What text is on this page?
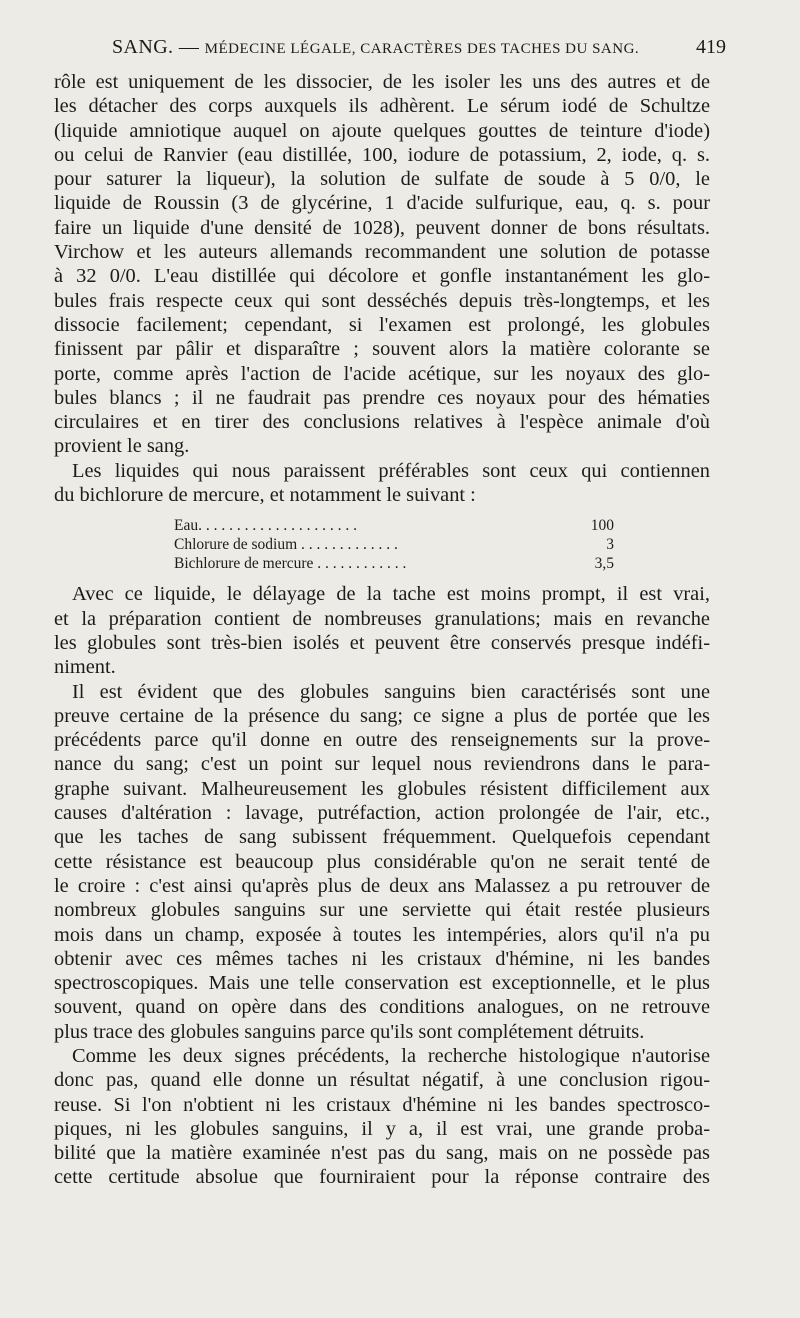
SANG. — MÉDECINE LÉGALE, CARACTÈRES DES TACHES DU SANG.	419
rôle est uniquement de les dissocier, de les isoler les uns des autres et de
les détacher des corps auxquels ils adhèrent. Le sérum iodé de Schultze
(liquide amniotique auquel on ajoute quelques gouttes de teinture d'iode)
ou celui de Ranvier (eau distillée, 100, iodure de potassium, 2, iode, q. s.
pour saturer la liqueur), la solution de sulfate de soude à 5 0/0, le
liquide de Roussin (3 de glycérine, 1 d'acide sulfurique, eau, q. s. pour
faire un liquide d'une densité de 1028), peuvent donner de bons résultats.
Virchow et les auteurs allemands recommandent une solution de potasse
à 32 0/0. L'eau distillée qui décolore et gonfle instantanément les glo-
bules frais respecte ceux qui sont desséchés depuis très-longtemps, et les
dissocie facilement; cependant, si l'examen est prolongé, les globules
finissent par pâlir et disparaître ; souvent alors la matière colorante se
porte, comme après l'action de l'acide acétique, sur les noyaux des glo-
bules blancs ; il ne faudrait pas prendre ces noyaux pour des hématies
circulaires et en tirer des conclusions relatives à l'espèce animale d'où
provient le sang.
Les liquides qui nous paraissent préférables sont ceux qui contiennen
du bichlorure de mercure, et notamment le suivant :
Eau. . . . . . . . . . . . . . . . . . . . .	100
Chlorure de sodium . . . . . . . . . . . . .	3
Bichlorure de mercure . . . . . . . . . . . .	3,5
Avec ce liquide, le délayage de la tache est moins prompt, il est vrai,
et la préparation contient de nombreuses granulations; mais en revanche
les globules sont très-bien isolés et peuvent être conservés presque indéfi-
niment.
Il est évident que des globules sanguins bien caractérisés sont une
preuve certaine de la présence du sang; ce signe a plus de portée que les
précédents parce qu'il donne en outre des renseignements sur la prove-
nance du sang; c'est un point sur lequel nous reviendrons dans le para-
graphe suivant. Malheureusement les globules résistent difficilement aux
causes d'altération : lavage, putréfaction, action prolongée de l'air, etc.,
que les taches de sang subissent fréquemment. Quelquefois cependant
cette résistance est beaucoup plus considérable qu'on ne serait tenté de
le croire : c'est ainsi qu'après plus de deux ans Malassez a pu retrouver de
nombreux globules sanguins sur une serviette qui était restée plusieurs
mois dans un champ, exposée à toutes les intempéries, alors qu'il n'a pu
obtenir avec ces mêmes taches ni les cristaux d'hémine, ni les bandes
spectroscopiques. Mais une telle conservation est exceptionnelle, et le plus
souvent, quand on opère dans des conditions analogues, on ne retrouve
plus trace des globules sanguins parce qu'ils sont complétement détruits.
Comme les deux signes précédents, la recherche histologique n'autorise
donc pas, quand elle donne un résultat négatif, à une conclusion rigou-
reuse. Si l'on n'obtient ni les cristaux d'hémine ni les bandes spectrosco-
piques, ni les globules sanguins, il y a, il est vrai, une grande proba-
bilité que la matière examinée n'est pas du sang, mais on ne possède pas
cette certitude absolue que fourniraient pour la réponse contraire des
